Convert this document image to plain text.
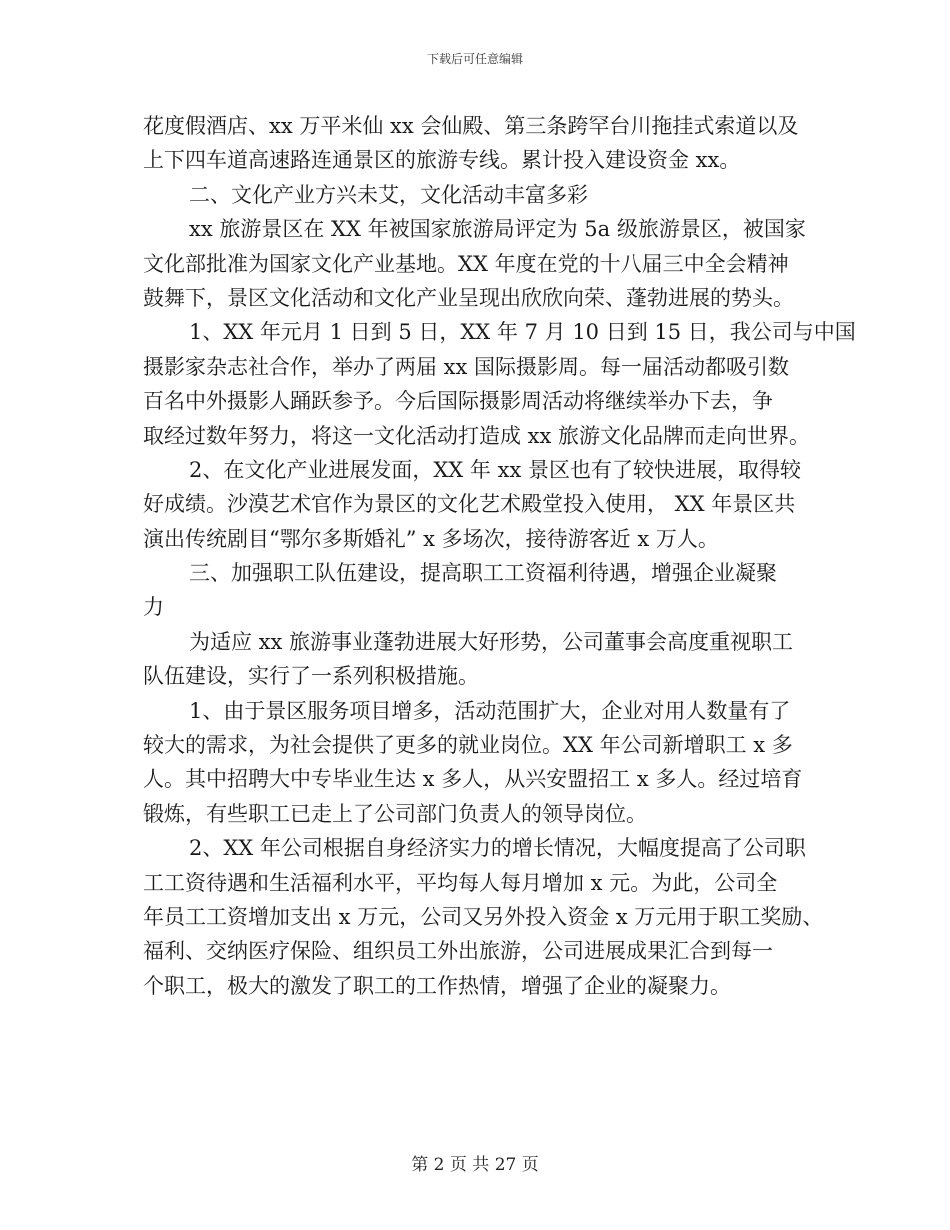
下载后可任意编辑

花度假酒店、xx 万平米仙 xx 会仙殿、第三条跨罕台川拖挂式索道以及

上下四车道高速路连通景区的旅游专线。累计投入建设资金 xx。

二、文化产业方兴未艾，文化活动丰富多彩

xx 旅游景区在 XX 年被国家旅游局评定为 5a 级旅游景区，被国家

文化部批准为国家文化产业基地。XX 年度在党的十八届三中全会精神

鼓舞下，景区文化活动和文化产业呈现出欣欣向荣、蓬勃进展的势头。

1、XX 年元月 1 日到 5 日，XX 年 7 月 10 日到 15 日，我公司与中国

摄影家杂志社合作，举办了两届 xx 国际摄影周。每一届活动都吸引数

百名中外摄影人踊跃参予。今后国际摄影周活动将继续举办下去，争

取经过数年努力，将这一文化活动打造成 xx 旅游文化品牌而走向世界。

2、在文化产业进展发面，XX 年 xx 景区也有了较快进展，取得较

好成绩。沙漠艺术官作为景区的文化艺术殿堂投入使用， XX 年景区共

演出传统剧目“鄂尔多斯婚礼” x 多场次，接待游客近 x 万人。

三、加强职工队伍建设，提高职工工资福利待遇，增强企业凝聚

力

为适应 xx 旅游事业蓬勃进展大好形势，公司董事会高度重视职工

队伍建设，实行了一系列积极措施。

1、由于景区服务项目增多，活动范围扩大，企业对用人数量有了

较大的需求，为社会提供了更多的就业岗位。XX 年公司新增职工 x 多

人。其中招聘大中专毕业生达 x 多人，从兴安盟招工 x 多人。经过培育

锻炼，有些职工已走上了公司部门负责人的领导岗位。

2、XX 年公司根据自身经济实力的增长情况，大幅度提高了公司职

工工资待遇和生活福利水平，平均每人每月增加 x 元。为此，公司全

年员工工资增加支出 x 万元，公司又另外投入资金 x 万元用于职工奖励、

福利、交纳医疗保险、组织员工外出旅游，公司进展成果汇合到每一

个职工，极大的激发了职工的工作热情，增强了企业的凝聚力。

第 2 页 共 27 页
